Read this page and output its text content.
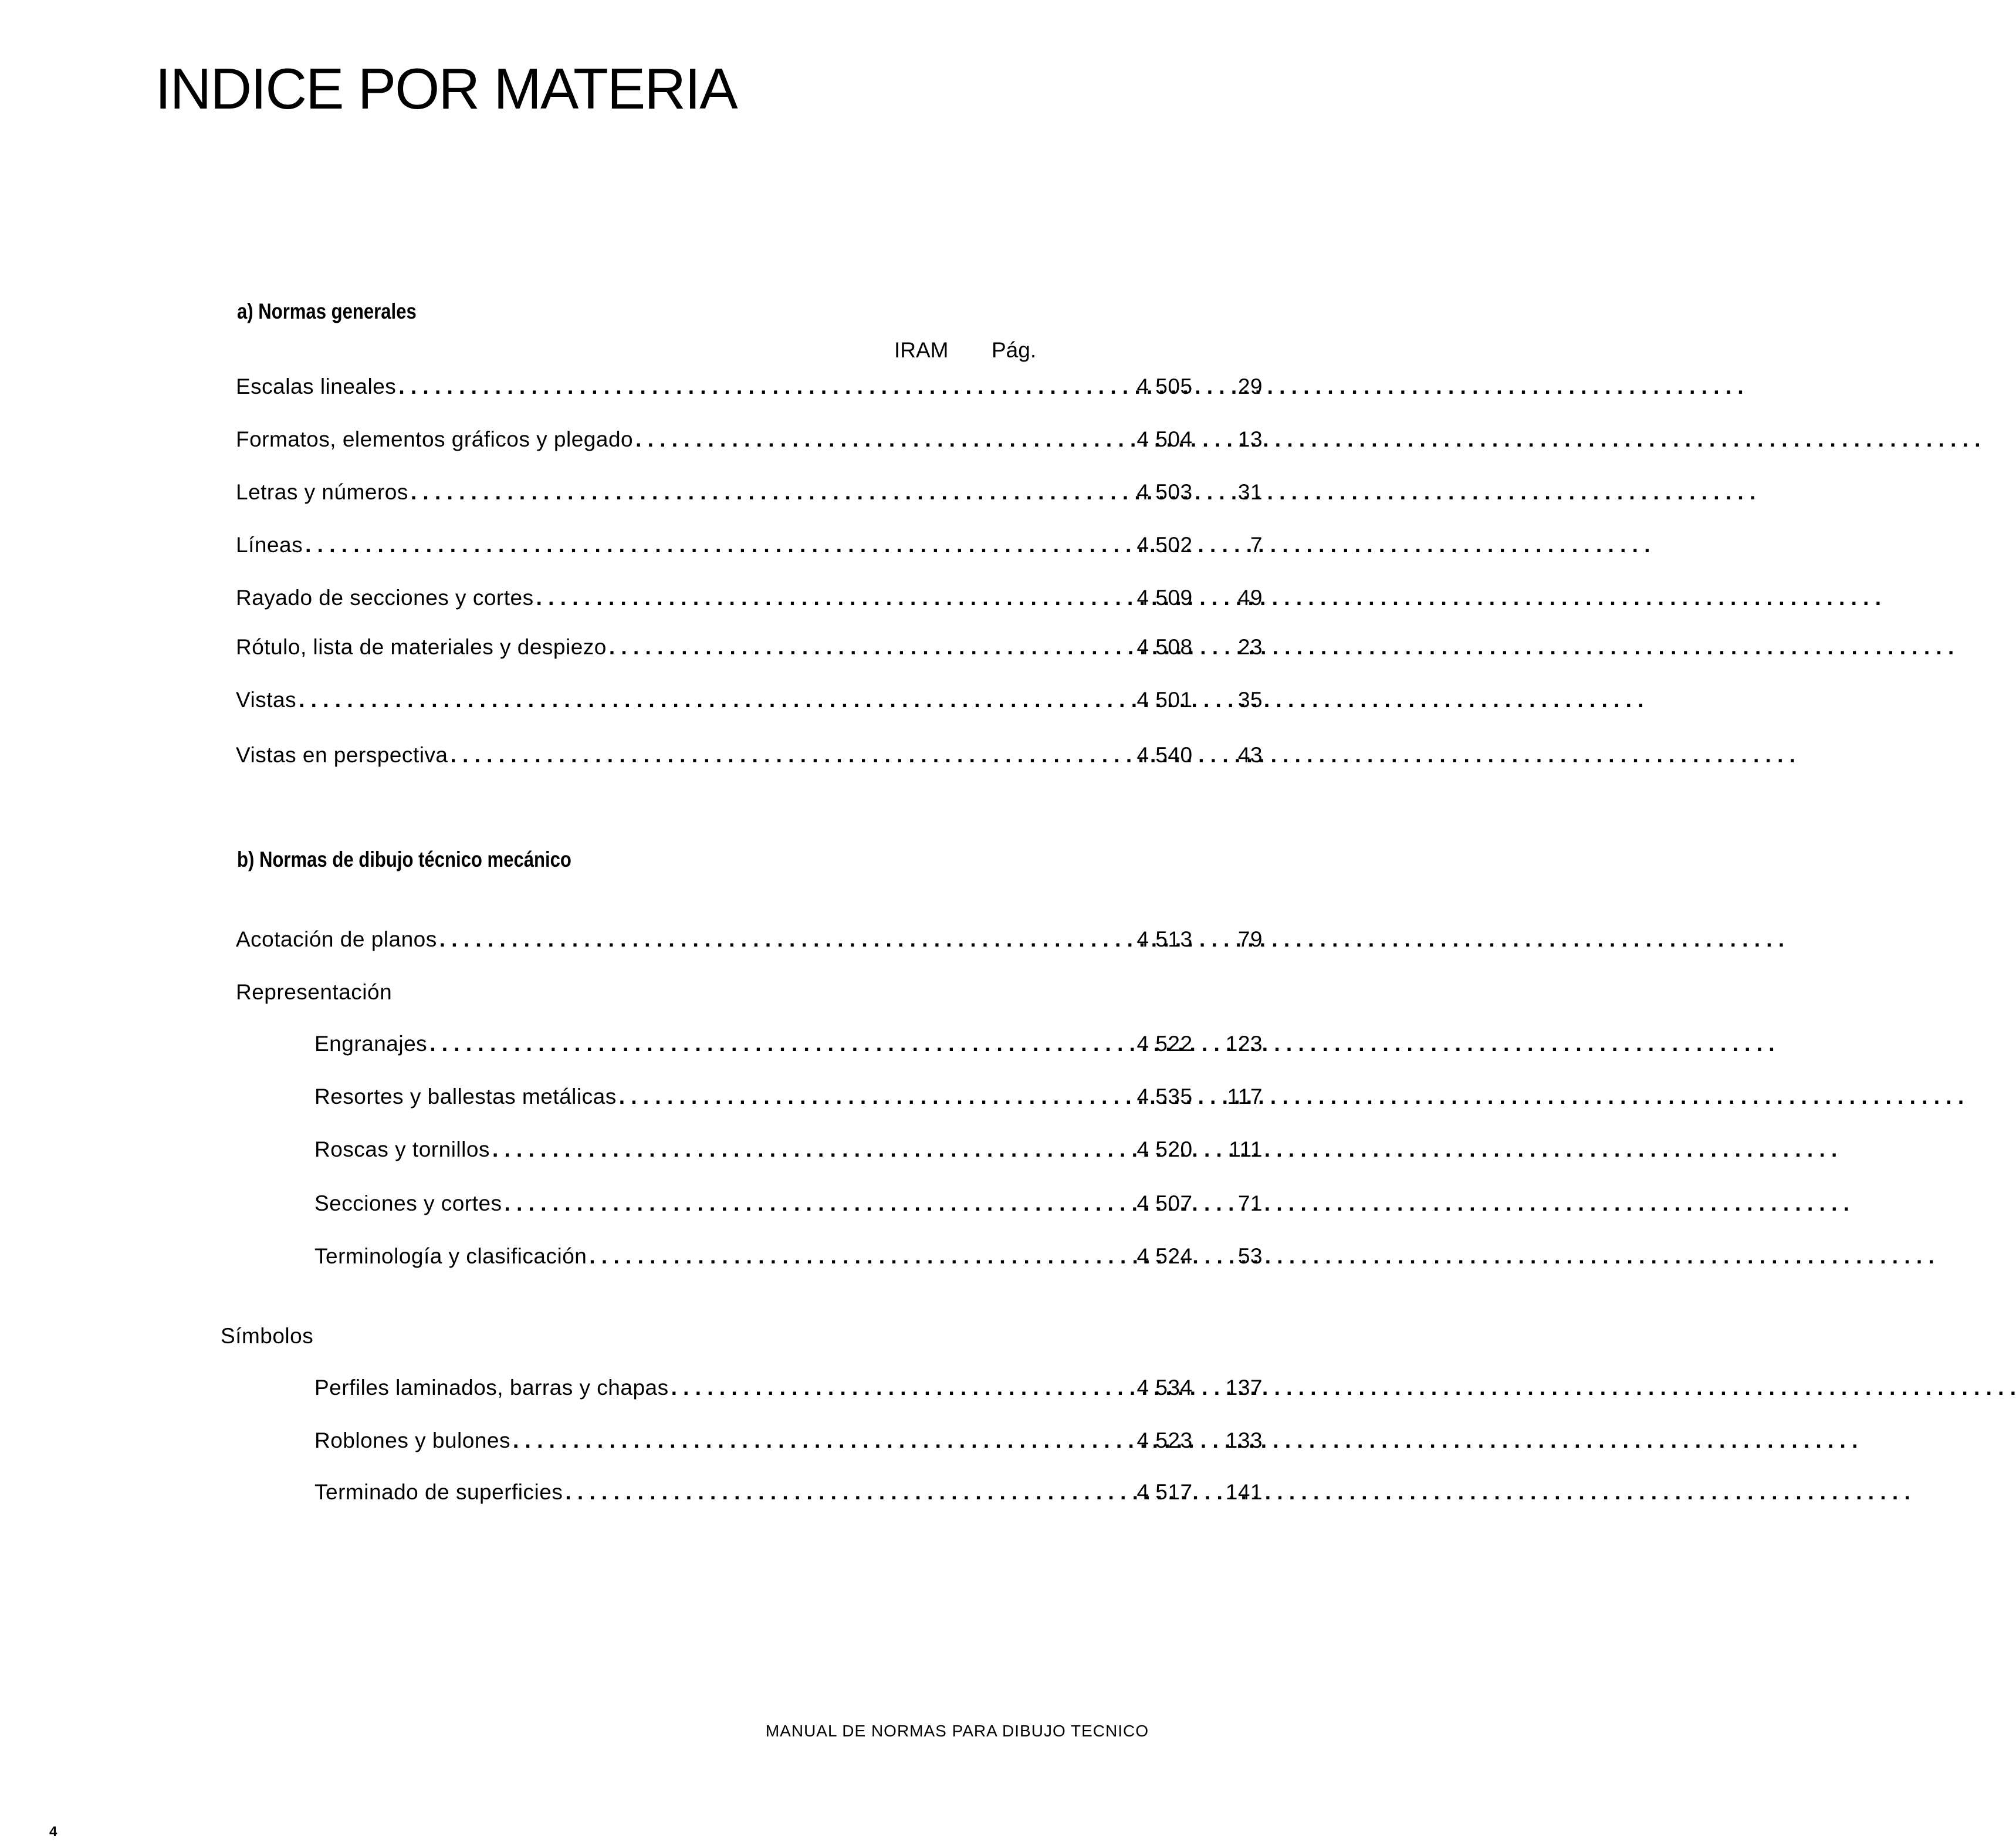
INDICE POR MATERIA
a) Normas generales
IRAM Pág.
Escalas lineales . . .	4 505	29
Formatos, elementos gráficos y plegado . . .	4 504	13
Letras y números . . .	4 503	31
Líneas . . .	4 502	7
Rayado de secciones y cortes . . .	4 509	49
Rótulo, lista de materiales y despiezo . . .	4 508	23
Vistas . . .	4 501	35
Vistas en perspectiva . . .	4 540	43
b) Normas de dibujo técnico mecánico
Acotación de planos . . .	4 513	79
Representación
Engranajes . . .	4 522	123
Resortes y ballestas metálicas . . .	4 535	117
Roscas y tornillos . . .	4 520	111
Secciones y cortes . . .	4 507	71
Terminología y clasificación . . .	4 524	53
Símbolos
Perfiles laminados, barras y chapas . . .	4 534	137
Roblones y bulones . . .	4 523	133
Terminado de superficies . . .	4 517	141
MANUAL DE NORMAS PARA DIBUJO TECNICO
4
